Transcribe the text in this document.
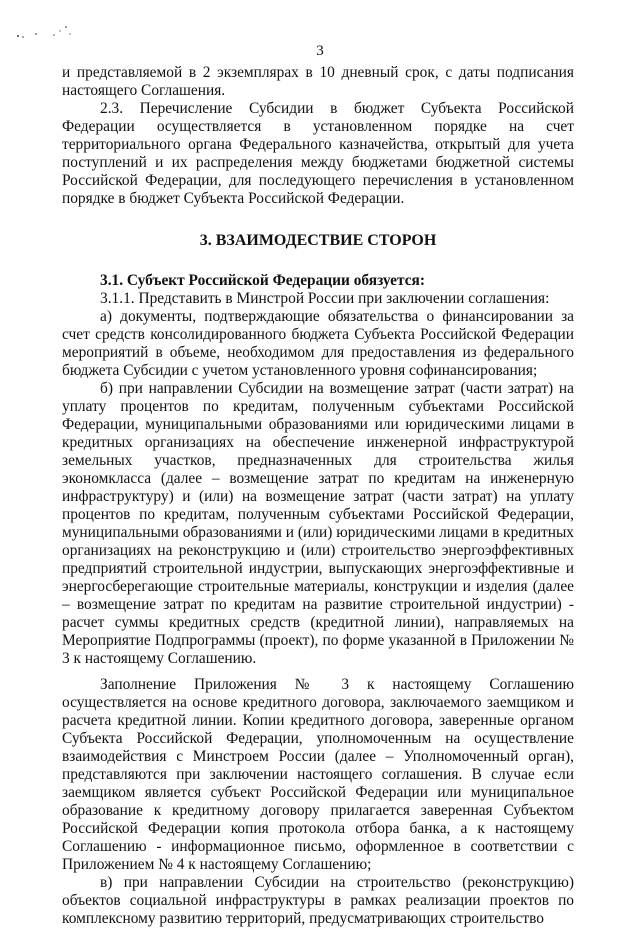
3

и представляемой в 2 экземплярах в 10 дневный срок, с даты подписания настоящего Соглашения.

2.3. Перечисление Субсидии в бюджет Субъекта Российской Федерации осуществляется в установленном порядке на счет территориального органа Федерального казначейства, открытый для учета поступлений и их распределения между бюджетами бюджетной системы Российской Федерации, для последующего перечисления в установленном порядке в бюджет Субъекта Российской Федерации.

3. ВЗАИМОДЕСТВИЕ СТОРОН

3.1. Субъект Российской Федерации обязуется:

3.1.1. Представить в Минстрой России при заключении соглашения:

а) документы, подтверждающие обязательства о финансировании за счет средств консолидированного бюджета Субъекта Российской Федерации мероприятий в объеме, необходимом для предоставления из федерального бюджета Субсидии с учетом установленного уровня софинансирования;

б) при направлении Субсидии на возмещение затрат (части затрат) на уплату процентов по кредитам, полученным субъектами Российской Федерации, муниципальными образованиями или юридическими лицами в кредитных организациях на обеспечение инженерной инфраструктурой земельных участков, предназначенных для строительства жилья экономкласса (далее – возмещение затрат по кредитам на инженерную инфраструктуру) и (или) на возмещение затрат (части затрат) на уплату процентов по кредитам, полученным субъектами Российской Федерации, муниципальными образованиями и (или) юридическими лицами в кредитных организациях на реконструкцию и (или) строительство энергоэффективных предприятий строительной индустрии, выпускающих энергоэффективные и энергосберегающие строительные материалы, конструкции и изделия (далее – возмещение затрат по кредитам на развитие строительной индустрии) - расчет суммы кредитных средств (кредитной линии), направляемых на Мероприятие Подпрограммы (проект), по форме указанной в Приложении № 3 к настоящему Соглашению.

Заполнение Приложения № 3 к настоящему Соглашению осуществляется на основе кредитного договора, заключаемого заемщиком и расчета кредитной линии. Копии кредитного договора, заверенные органом Субъекта Российской Федерации, уполномоченным на осуществление взаимодействия с Минстроем России (далее – Уполномоченный орган), представляются при заключении настоящего соглашения. В случае если заемщиком является субъект Российской Федерации или муниципальное образование к кредитному договору прилагается заверенная Субъектом Российской Федерации копия протокола отбора банка, а к настоящему Соглашению - информационное письмо, оформленное в соответствии с Приложением № 4 к настоящему Соглашению;

в) при направлении Субсидии на строительство (реконструкцию) объектов социальной инфраструктуры в рамках реализации проектов по комплексному развитию территорий, предусматривающих строительство
